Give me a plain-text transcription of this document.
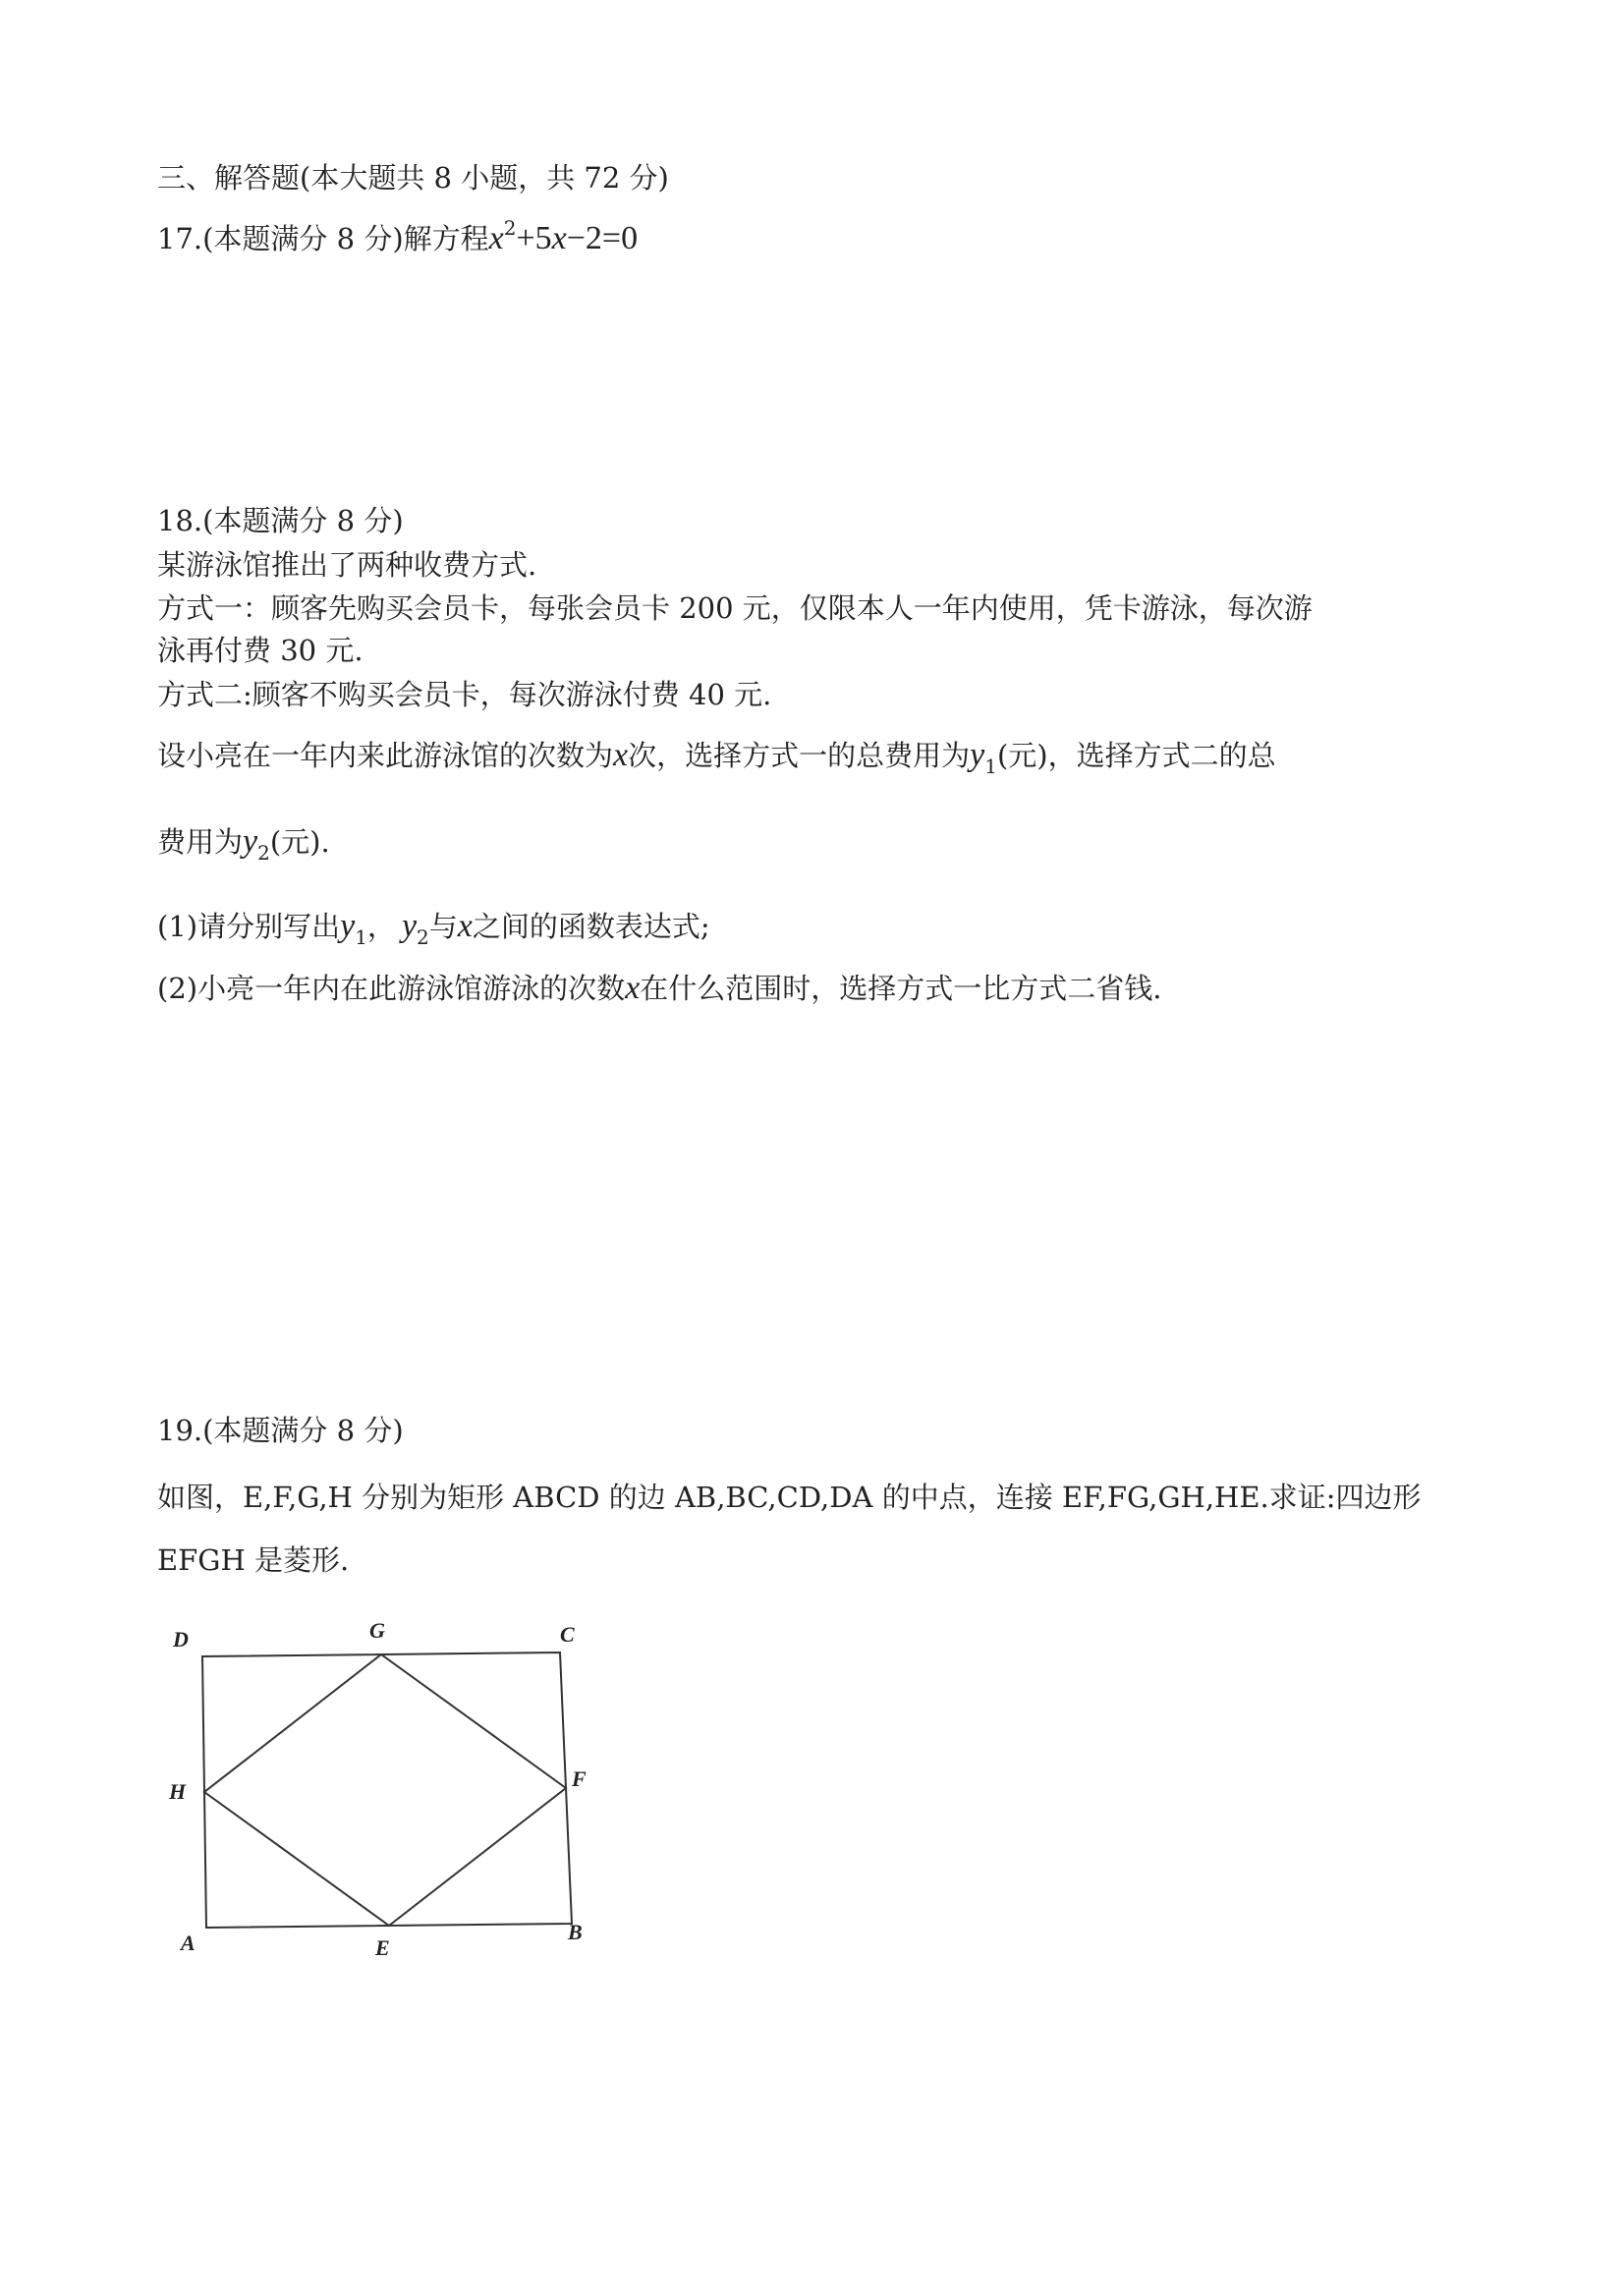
三、解答题(本大题共 8 小题，共 72 分)
17.(本题满分 8 分)解方程$x^2+5x-2=0$
18.(本题满分 8 分)
某游泳馆推出了两种收费方式.
方式一：顾客先购买会员卡，每张会员卡 200 元，仅限本人一年内使用，凭卡游泳，每次游
泳再付费 30 元.
方式二:顾客不购买会员卡，每次游泳付费 40 元.
设小亮在一年内来此游泳馆的次数为x次，选择方式一的总费用为$y_1$(元)，选择方式二的总
费用为$y_2$(元).
(1)请分别写出$y_1$， $y_2$与x之间的函数表达式;
(2)小亮一年内在此游泳馆游泳的次数x在什么范围时，选择方式一比方式二省钱.
19.(本题满分 8 分)
如图，E,F,G,H 分别为矩形 ABCD 的边 AB,BC,CD,DA 的中点，连接 EF,FG,GH,HE.求证:四边形
EFGH 是菱形.
A	B
C
D
E
F
G
H
